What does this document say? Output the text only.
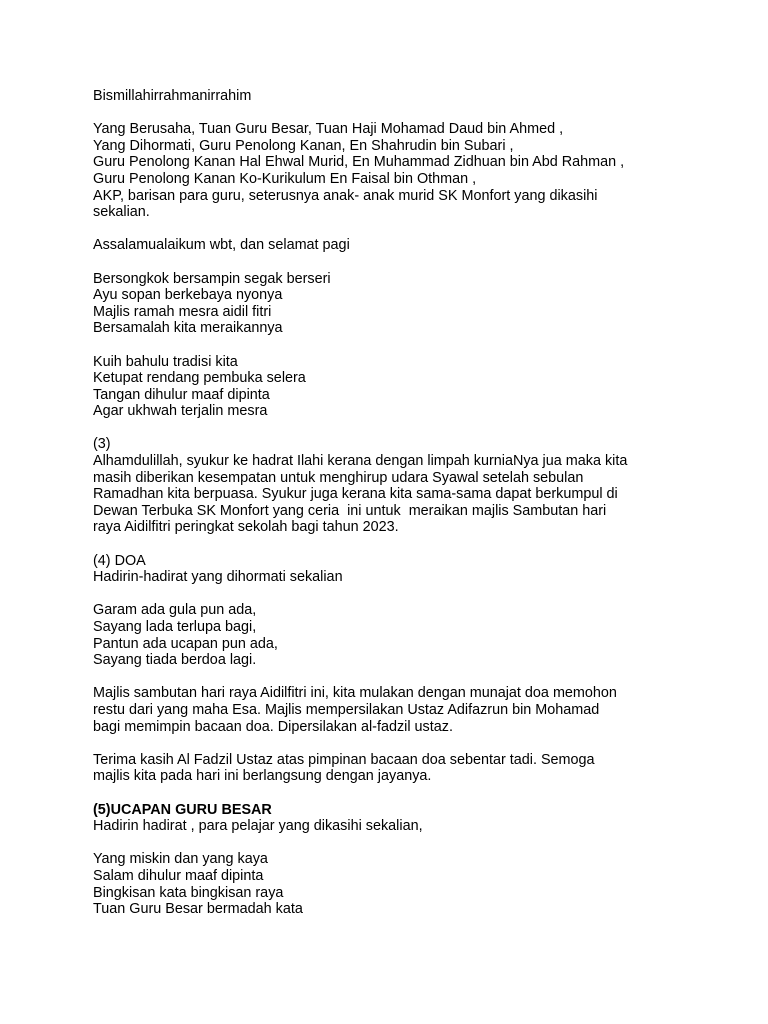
Bismillahirrahmanirrahim
Yang Berusaha, Tuan Guru Besar, Tuan Haji Mohamad Daud bin Ahmed ,
Yang Dihormati, Guru Penolong Kanan, En Shahrudin bin Subari ,
Guru Penolong Kanan Hal Ehwal Murid, En Muhammad Zidhuan bin Abd Rahman ,
Guru Penolong Kanan Ko-Kurikulum En Faisal bin Othman ,
AKP, barisan para guru, seterusnya anak- anak murid SK Monfort yang dikasihi
sekalian.
Assalamualaikum wbt, dan selamat pagi
Bersongkok bersampin segak berseri
Ayu sopan berkebaya nyonya
Majlis ramah mesra aidil fitri
Bersamalah kita meraikannya
Kuih bahulu tradisi kita
Ketupat rendang pembuka selera
Tangan dihulur maaf dipinta
Agar ukhwah terjalin mesra
(3)
Alhamdulillah, syukur ke hadrat Ilahi kerana dengan limpah kurniaNya jua maka kita
masih diberikan kesempatan untuk menghirup udara Syawal setelah sebulan
Ramadhan kita berpuasa. Syukur juga kerana kita sama-sama dapat berkumpul di
Dewan Terbuka SK Monfort yang ceria  ini untuk  meraikan majlis Sambutan hari
raya Aidilfitri peringkat sekolah bagi tahun 2023.
(4) DOA
Hadirin-hadirat yang dihormati sekalian
Garam ada gula pun ada,
Sayang lada terlupa bagi,
Pantun ada ucapan pun ada,
Sayang tiada berdoa lagi.
Majlis sambutan hari raya Aidilfitri ini, kita mulakan dengan munajat doa memohon
restu dari yang maha Esa. Majlis mempersilakan Ustaz Adifazrun bin Mohamad
bagi memimpin bacaan doa. Dipersilakan al-fadzil ustaz.
Terima kasih Al Fadzil Ustaz atas pimpinan bacaan doa sebentar tadi. Semoga
majlis kita pada hari ini berlangsung dengan jayanya.
(5)UCAPAN GURU BESAR
Hadirin hadirat , para pelajar yang dikasihi sekalian,
Yang miskin dan yang kaya
Salam dihulur maaf dipinta
Bingkisan kata bingkisan raya
Tuan Guru Besar bermadah kata
